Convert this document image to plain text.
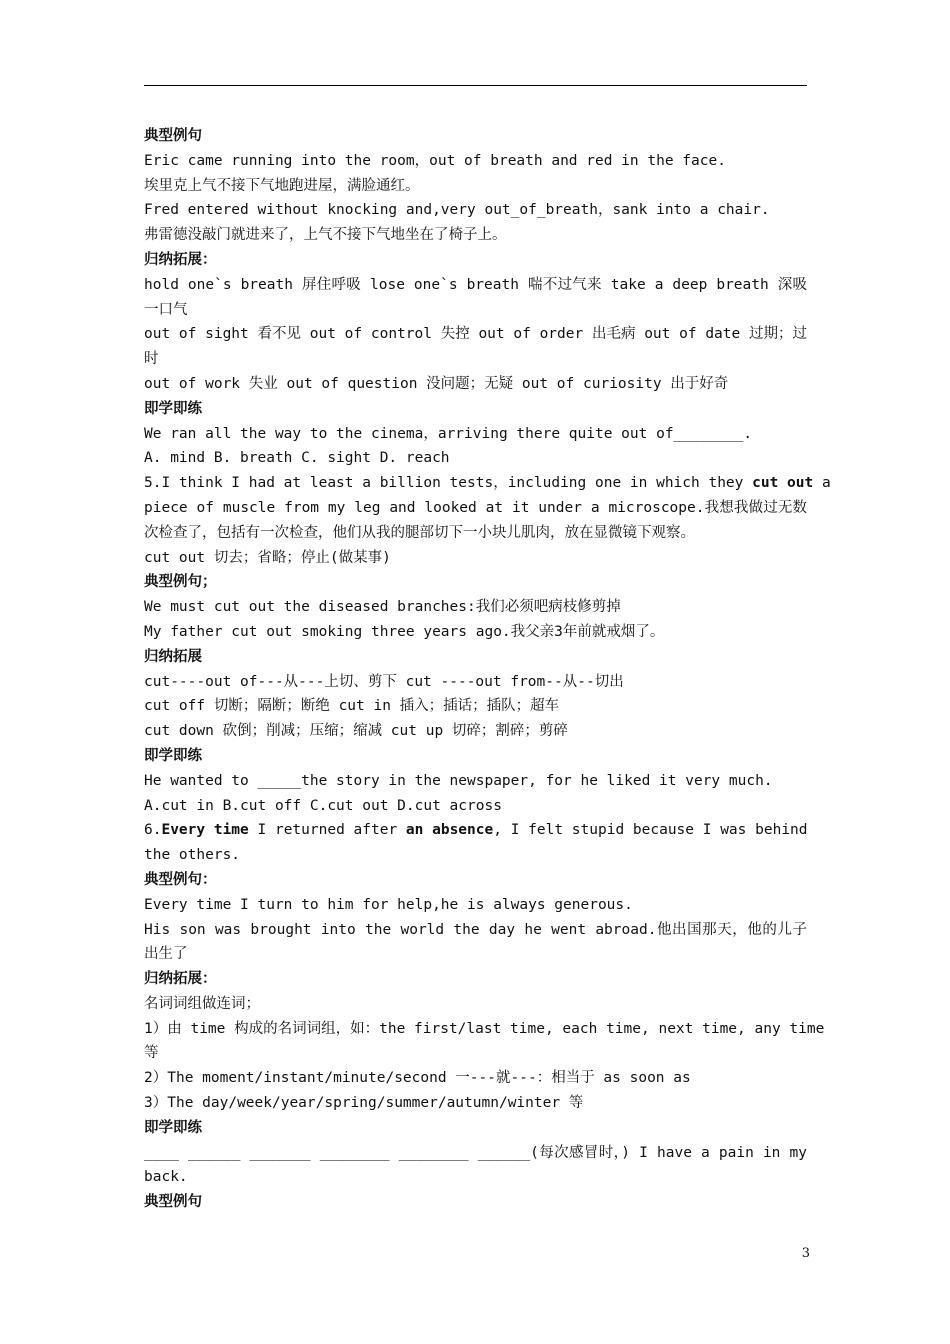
典型例句
Eric came running into the room，out of breath and red in the face.
埃里克上气不接下气地跑进屋，满脸通红。
Fred entered without knocking and,very out_of_breath，sank into a chair.
弗雷德没敲门就进来了，上气不接下气地坐在了椅子上。
归纳拓展：
hold one`s breath 屏住呼吸 lose one`s breath 喘不过气来 take a deep breath 深吸
一口气
out of sight 看不见 out of control 失控 out of order 出毛病 out of date 过期；过
时
out of work 失业 out of question 没问题；无疑 out of curiosity 出于好奇
即学即练
We ran all the way to the cinema，arriving there quite out of________.
A. mind B. breath C. sight D. reach
5.I think I had at least a billion tests，including one in which they cut out a
piece of muscle from my leg and looked at it under a microscope.我想我做过无数
次检查了，包括有一次检查，他们从我的腿部切下一小块儿肌肉，放在显微镜下观察。
cut out 切去；省略；停止(做某事)
典型例句；
We must cut out the diseased branches:我们必须吧病枝修剪掉
My father cut out smoking three years ago.我父亲3年前就戒烟了。
归纳拓展
cut----out of---从---上切、剪下 cut ----out from--从--切出
cut off 切断；隔断；断绝 cut in 插入；插话；插队；超车
cut down 砍倒；削减；压缩；缩减 cut up 切碎；割碎；剪碎
即学即练
He wanted to _____the story in the newspaper, for he liked it very much.
A.cut in B.cut off C.cut out D.cut across
6.Every time I returned after an absence, I felt stupid because I was behind
the others.
典型例句：
Every time I turn to him for help,he is always generous.
His son was brought into the world the day he went abroad.他出国那天，他的儿子
出生了
归纳拓展：
名词词组做连词；
1）由 time 构成的名词词组，如：the first/last time, each time, next time, any time
等
2）The moment/instant/minute/second 一---就---：相当于 as soon as
3）The day/week/year/spring/summer/autumn/winter 等
即学即练
____ ______ _______ ________ ________ ______(每次感冒时，) I have a pain in my
back.
典型例句
3
